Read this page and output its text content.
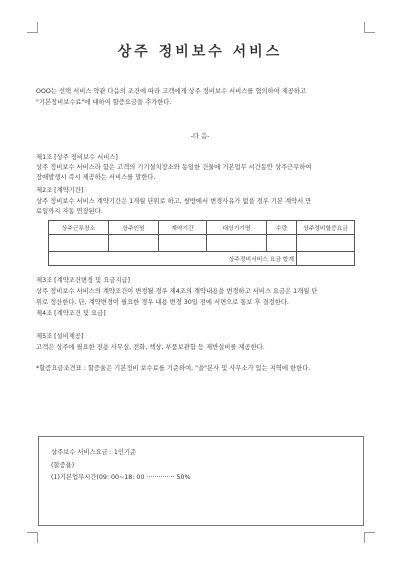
상주 정비보수 서비스
OOO는 선택 서비스 약관 다음의 조건에 따라 고객에게 상주 정비보수 서비스를 협의하여 제공하고
"기본정비보수료"에 대하여 할증요금을 추가한다.
-다 음-
제1조 [상주 정비보수 서비스]
상주 정비보수 서비스라 함은 고객의 기기설치장소와 동일한 건물에 기본업무 시간동안 상주근무하여
장애발생시 즉시 제공하는 서비스를 말한다.
제2조 [계약기간]
상주 정비보수 서비스 계약기간은 1개월 단위로 하고, 쌍방에서 변경사유가 없을 경우 기본 계약서 만
료일까지 자동 연장된다.
상주근무장소	상주인원	계약기간	대상기기명	수량	상주정비할증요금

상주정비서비스 요금 합계					
제3조 [계약조건변경 및 요금지급]
상주 정비보수 서비스의 계약조건이 변경될 경우 제4조의 계약내용을 변경하고 서비스 요금은 1개월 단
위로 정산한다. 단, 계약변경이 필요한 경우 내용 변경 30일 전에 서면으로 통보 후 결정한다.
제4조 [계약조건 및 요금]
제5조 [설비제공]
고객은 상주에 필요한 전용 사무실, 전화, 책상, 부품보관함 등 제반설비를 제공한다.
*할증요금조견표 : 할증율은 기본정비 보수료를 기준하여, "을"본사 및 사무소가 있는 지역에 한한다.
상주보수 서비스요금 : 1인기준
(할증율)
(1)기본업무시간(09: 00~18: 00 ·············· 50%
